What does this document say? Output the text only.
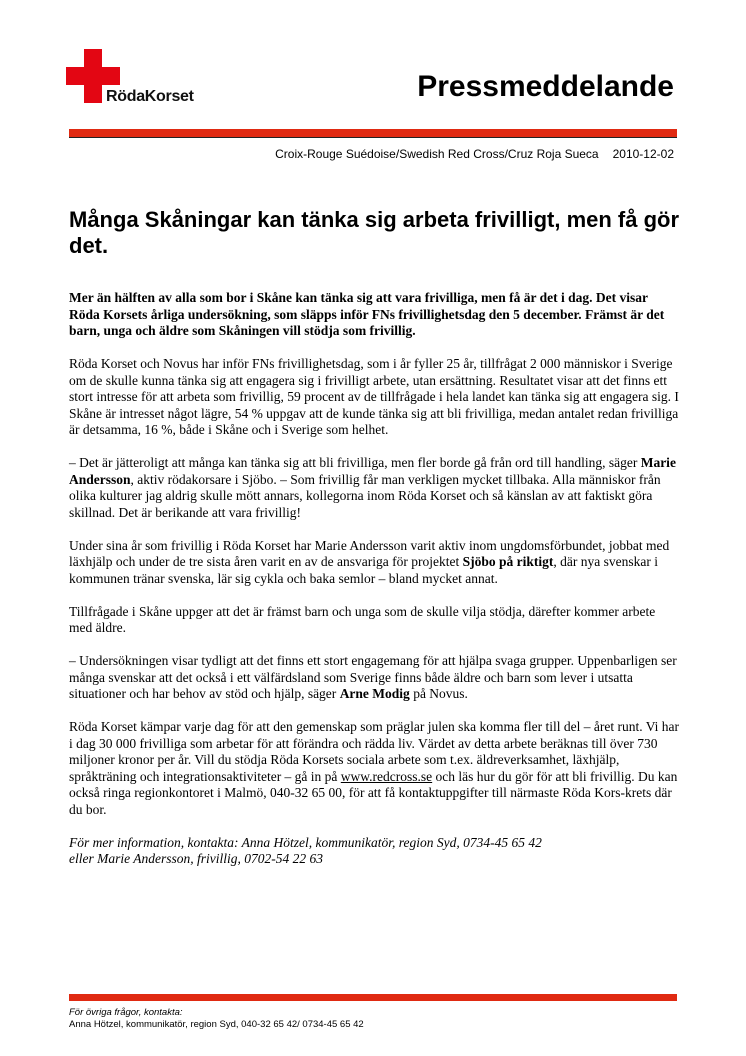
RödaKorset	Pressmeddelande
Croix-Rouge Suédoise/Swedish Red Cross/Cruz Roja Sueca 2010-12-02
Många Skåningar kan tänka sig arbeta frivilligt, men få gör det.

Mer än hälften av alla som bor i Skåne kan tänka sig att vara frivilliga, men få är det i dag. Det visar Röda Korsets årliga undersökning, som släpps inför FNs frivillighetsdag den 5 december. Främst är det barn, unga och äldre som Skåningen vill stödja som frivillig.

Röda Korset och Novus har inför FNs frivillighetsdag, som i år fyller 25 år, tillfrågat 2 000 människor i Sverige om de skulle kunna tänka sig att engagera sig i frivilligt arbete, utan ersättning. Resultatet visar att det finns ett stort intresse för att arbeta som frivillig, 59 procent av de tillfrågade i hela landet kan tänka sig att engagera sig. I Skåne är intresset något lägre, 54 % uppgav att de kunde tänka sig att bli frivilliga, medan antalet redan frivilliga är detsamma, 16 %, både i Skåne och i Sverige som helhet.

– Det är jätteroligt att många kan tänka sig att bli frivilliga, men fler borde gå från ord till handling, säger Marie Andersson, aktiv rödakorsare i Sjöbo. – Som frivillig får man verkligen mycket tillbaka. Alla människor från olika kulturer jag aldrig skulle mött annars, kollegorna inom Röda Korset och så känslan av att faktiskt göra skillnad. Det är berikande att vara frivillig!

Under sina år som frivillig i Röda Korset har Marie Andersson varit aktiv inom ungdomsförbundet, jobbat med läxhjälp och under de tre sista åren varit en av de ansvariga för projektet Sjöbo på riktigt, där nya svenskar i kommunen tränar svenska, lär sig cykla och baka semlor – bland mycket annat.

Tillfrågade i Skåne uppger att det är främst barn och unga som de skulle vilja stödja, därefter kommer arbete med äldre.

– Undersökningen visar tydligt att det finns ett stort engagemang för att hjälpa svaga grupper. Uppenbarligen ser många svenskar att det också i ett välfärdsland som Sverige finns både äldre och barn som lever i utsatta situationer och har behov av stöd och hjälp, säger Arne Modig på Novus.

Röda Korset kämpar varje dag för att den gemenskap som präglar julen ska komma fler till del – året runt. Vi har i dag 30 000 frivilliga som arbetar för att förändra och rädda liv. Värdet av detta arbete beräknas till över 730 miljoner kronor per år. Vill du stödja Röda Korsets sociala arbete som t.ex. äldreverksamhet, läxhjälp, språkträning och integrationsaktiviteter – gå in på www.redcross.se och läs hur du gör för att bli frivillig. Du kan också ringa regionkontoret i Malmö, 040-32 65 00, för att få kontaktuppgifter till närmaste Röda Kors-krets där du bor.

För mer information, kontakta: Anna Hötzel, kommunikatör, region Syd, 0734-45 65 42
eller Marie Andersson, frivillig, 0702-54 22 63

För övriga frågor, kontakta:
Anna Hötzel, kommunikatör, region Syd, 040-32 65 42/ 0734-45 65 42
